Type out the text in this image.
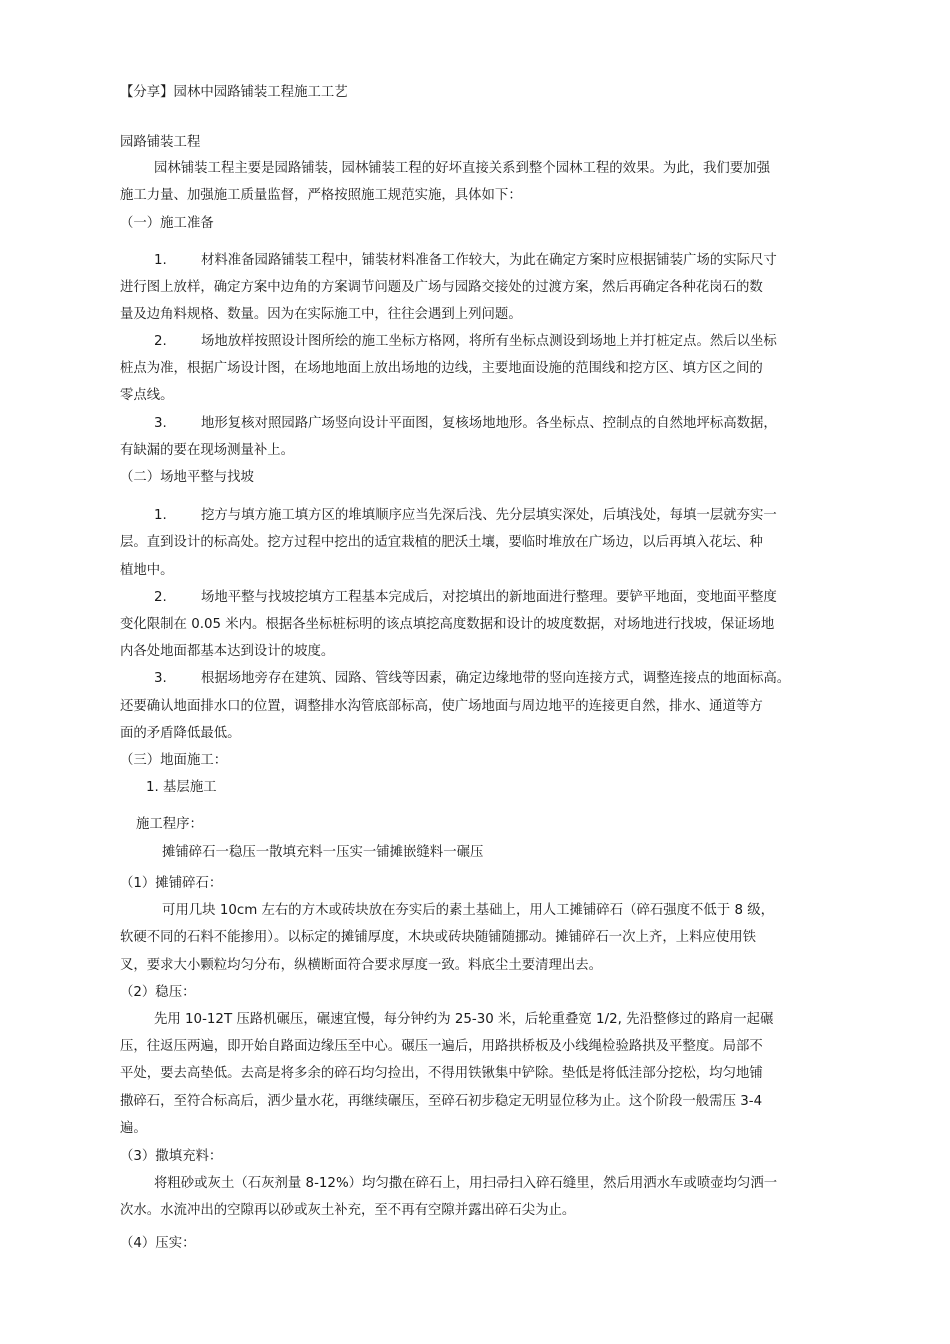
【分享】园林中园路铺装工程施工工艺
园路铺装工程
园林铺装工程主要是园路铺装，园林铺装工程的好坏直接关系到整个园林工程的效果。为此，我们要加强
施工力量、加强施工质量监督，严格按照施工规范实施，具体如下：
（一）施工准备
1.	材料准备园路铺装工程中，铺装材料准备工作较大，为此在确定方案时应根据铺装广场的实际尺寸
进行图上放样，确定方案中边角的方案调节问题及广场与园路交接处的过渡方案，然后再确定各种花岗石的数
量及边角料规格、数量。因为在实际施工中，往往会遇到上列问题。
2.	场地放样按照设计图所绘的施工坐标方格网，将所有坐标点测设到场地上并打桩定点。然后以坐标
桩点为准，根据广场设计图，在场地地面上放出场地的边线，主要地面设施的范围线和挖方区、填方区之间的
零点线。
3.	地形复核对照园路广场竖向设计平面图，复核场地地形。各坐标点、控制点的自然地坪标高数据，
有缺漏的要在现场测量补上。
（二）场地平整与找坡
1.	挖方与填方施工填方区的堆填顺序应当先深后浅、先分层填实深处，后填浅处，每填一层就夯实一
层。直到设计的标高处。挖方过程中挖出的适宜栽植的肥沃土壤，要临时堆放在广场边，以后再填入花坛、种
植地中。
2.	场地平整与找坡挖填方工程基本完成后，对挖填出的新地面进行整理。要铲平地面，变地面平整度
变化限制在 0.05 米内。根据各坐标桩标明的该点填挖高度数据和设计的坡度数据，对场地进行找坡，保证场地
内各处地面都基本达到设计的坡度。
3.	根据场地旁存在建筑、园路、管线等因素，确定边缘地带的竖向连接方式，调整连接点的地面标高。
还要确认地面排水口的位置，调整排水沟管底部标高，使广场地面与周边地平的连接更自然，排水、通道等方
面的矛盾降低最低。
（三）地面施工：
1. 基层施工
施工程序：
摊铺碎石一稳压一散填充料一压实一铺摊嵌缝料一碾压
（1）摊铺碎石：
可用几块 10cm 左右的方木或砖块放在夯实后的素土基础上，用人工摊铺碎石（碎石强度不低于 8 级，
软硬不同的石料不能掺用）。以标定的摊铺厚度，木块或砖块随铺随挪动。摊铺碎石一次上齐，上料应使用铁
叉，要求大小颗粒均匀分布，纵横断面符合要求厚度一致。料底尘土要清理出去。
（2）稳压：
先用 10-12T 压路机碾压，碾速宜慢，每分钟约为 25-30 米，后轮重叠宽 1/2, 先沿整修过的路肩一起碾
压，往返压两遍，即开始自路面边缘压至中心。碾压一遍后，用路拱桥板及小线绳检验路拱及平整度。局部不
平处，要去高垫低。去高是将多余的碎石均匀捡出，不得用铁锹集中铲除。垫低是将低洼部分挖松，均匀地铺
撒碎石，至符合标高后，洒少量水花，再继续碾压，至碎石初步稳定无明显位移为止。这个阶段一般需压 3-4
遍。
（3）撒填充料：
将粗砂或灰土（石灰剂量 8-12%）均匀撒在碎石上，用扫帚扫入碎石缝里，然后用洒水车或喷壶均匀洒一
次水。水流冲出的空隙再以砂或灰土补充，至不再有空隙并露出碎石尖为止。
（4）压实：
